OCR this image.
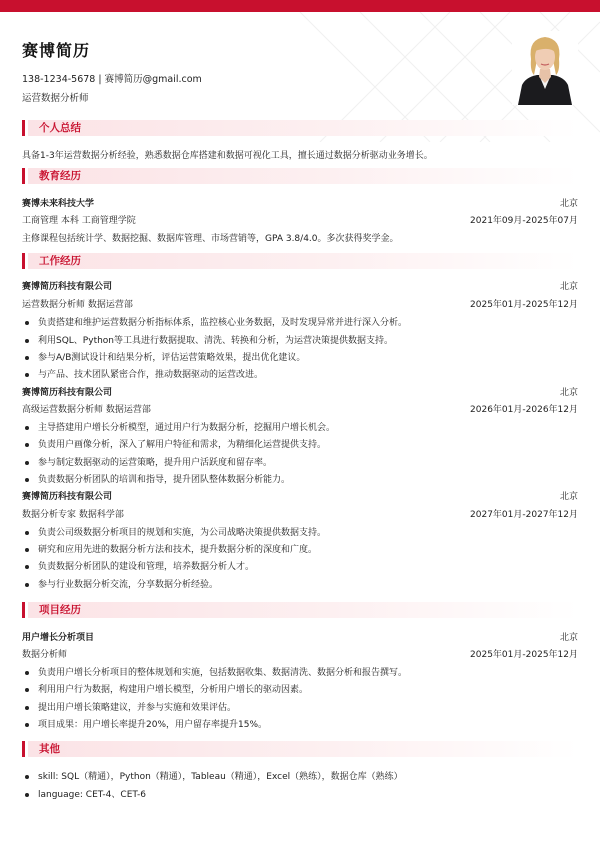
赛博简历
138-1234-5678 | 赛博简历@gmail.com
运营数据分析师
个人总结
具备1-3年运营数据分析经验，熟悉数据仓库搭建和数据可视化工具，擅长通过数据分析驱动业务增长。
教育经历
赛博未来科技大学	北京
工商管理 本科 工商管理学院	2021年09月-2025年07月
主修课程包括统计学、数据挖掘、数据库管理、市场营销等，GPA 3.8/4.0。多次获得奖学金。
工作经历
赛博简历科技有限公司	北京
运营数据分析师 数据运营部	2025年01月-2025年12月
负责搭建和维护运营数据分析指标体系，监控核心业务数据，及时发现异常并进行深入分析。
利用SQL、Python等工具进行数据提取、清洗、转换和分析，为运营决策提供数据支持。
参与A/B测试设计和结果分析，评估运营策略效果，提出优化建议。
与产品、技术团队紧密合作，推动数据驱动的运营改进。
赛博简历科技有限公司	北京
高级运营数据分析师 数据运营部	2026年01月-2026年12月
主导搭建用户增长分析模型，通过用户行为数据分析，挖掘用户增长机会。
负责用户画像分析，深入了解用户特征和需求，为精细化运营提供支持。
参与制定数据驱动的运营策略，提升用户活跃度和留存率。
负责数据分析团队的培训和指导，提升团队整体数据分析能力。
赛博简历科技有限公司	北京
数据分析专家 数据科学部	2027年01月-2027年12月
负责公司级数据分析项目的规划和实施，为公司战略决策提供数据支持。
研究和应用先进的数据分析方法和技术，提升数据分析的深度和广度。
负责数据分析团队的建设和管理，培养数据分析人才。
参与行业数据分析交流，分享数据分析经验。
项目经历
用户增长分析项目	北京
数据分析师	2025年01月-2025年12月
负责用户增长分析项目的整体规划和实施，包括数据收集、数据清洗、数据分析和报告撰写。
利用用户行为数据，构建用户增长模型，分析用户增长的驱动因素。
提出用户增长策略建议，并参与实施和效果评估。
项目成果：用户增长率提升20%，用户留存率提升15%。
其他
skill: SQL（精通），Python（精通），Tableau（精通），Excel（熟练），数据仓库（熟练）
language: CET-4、CET-6
